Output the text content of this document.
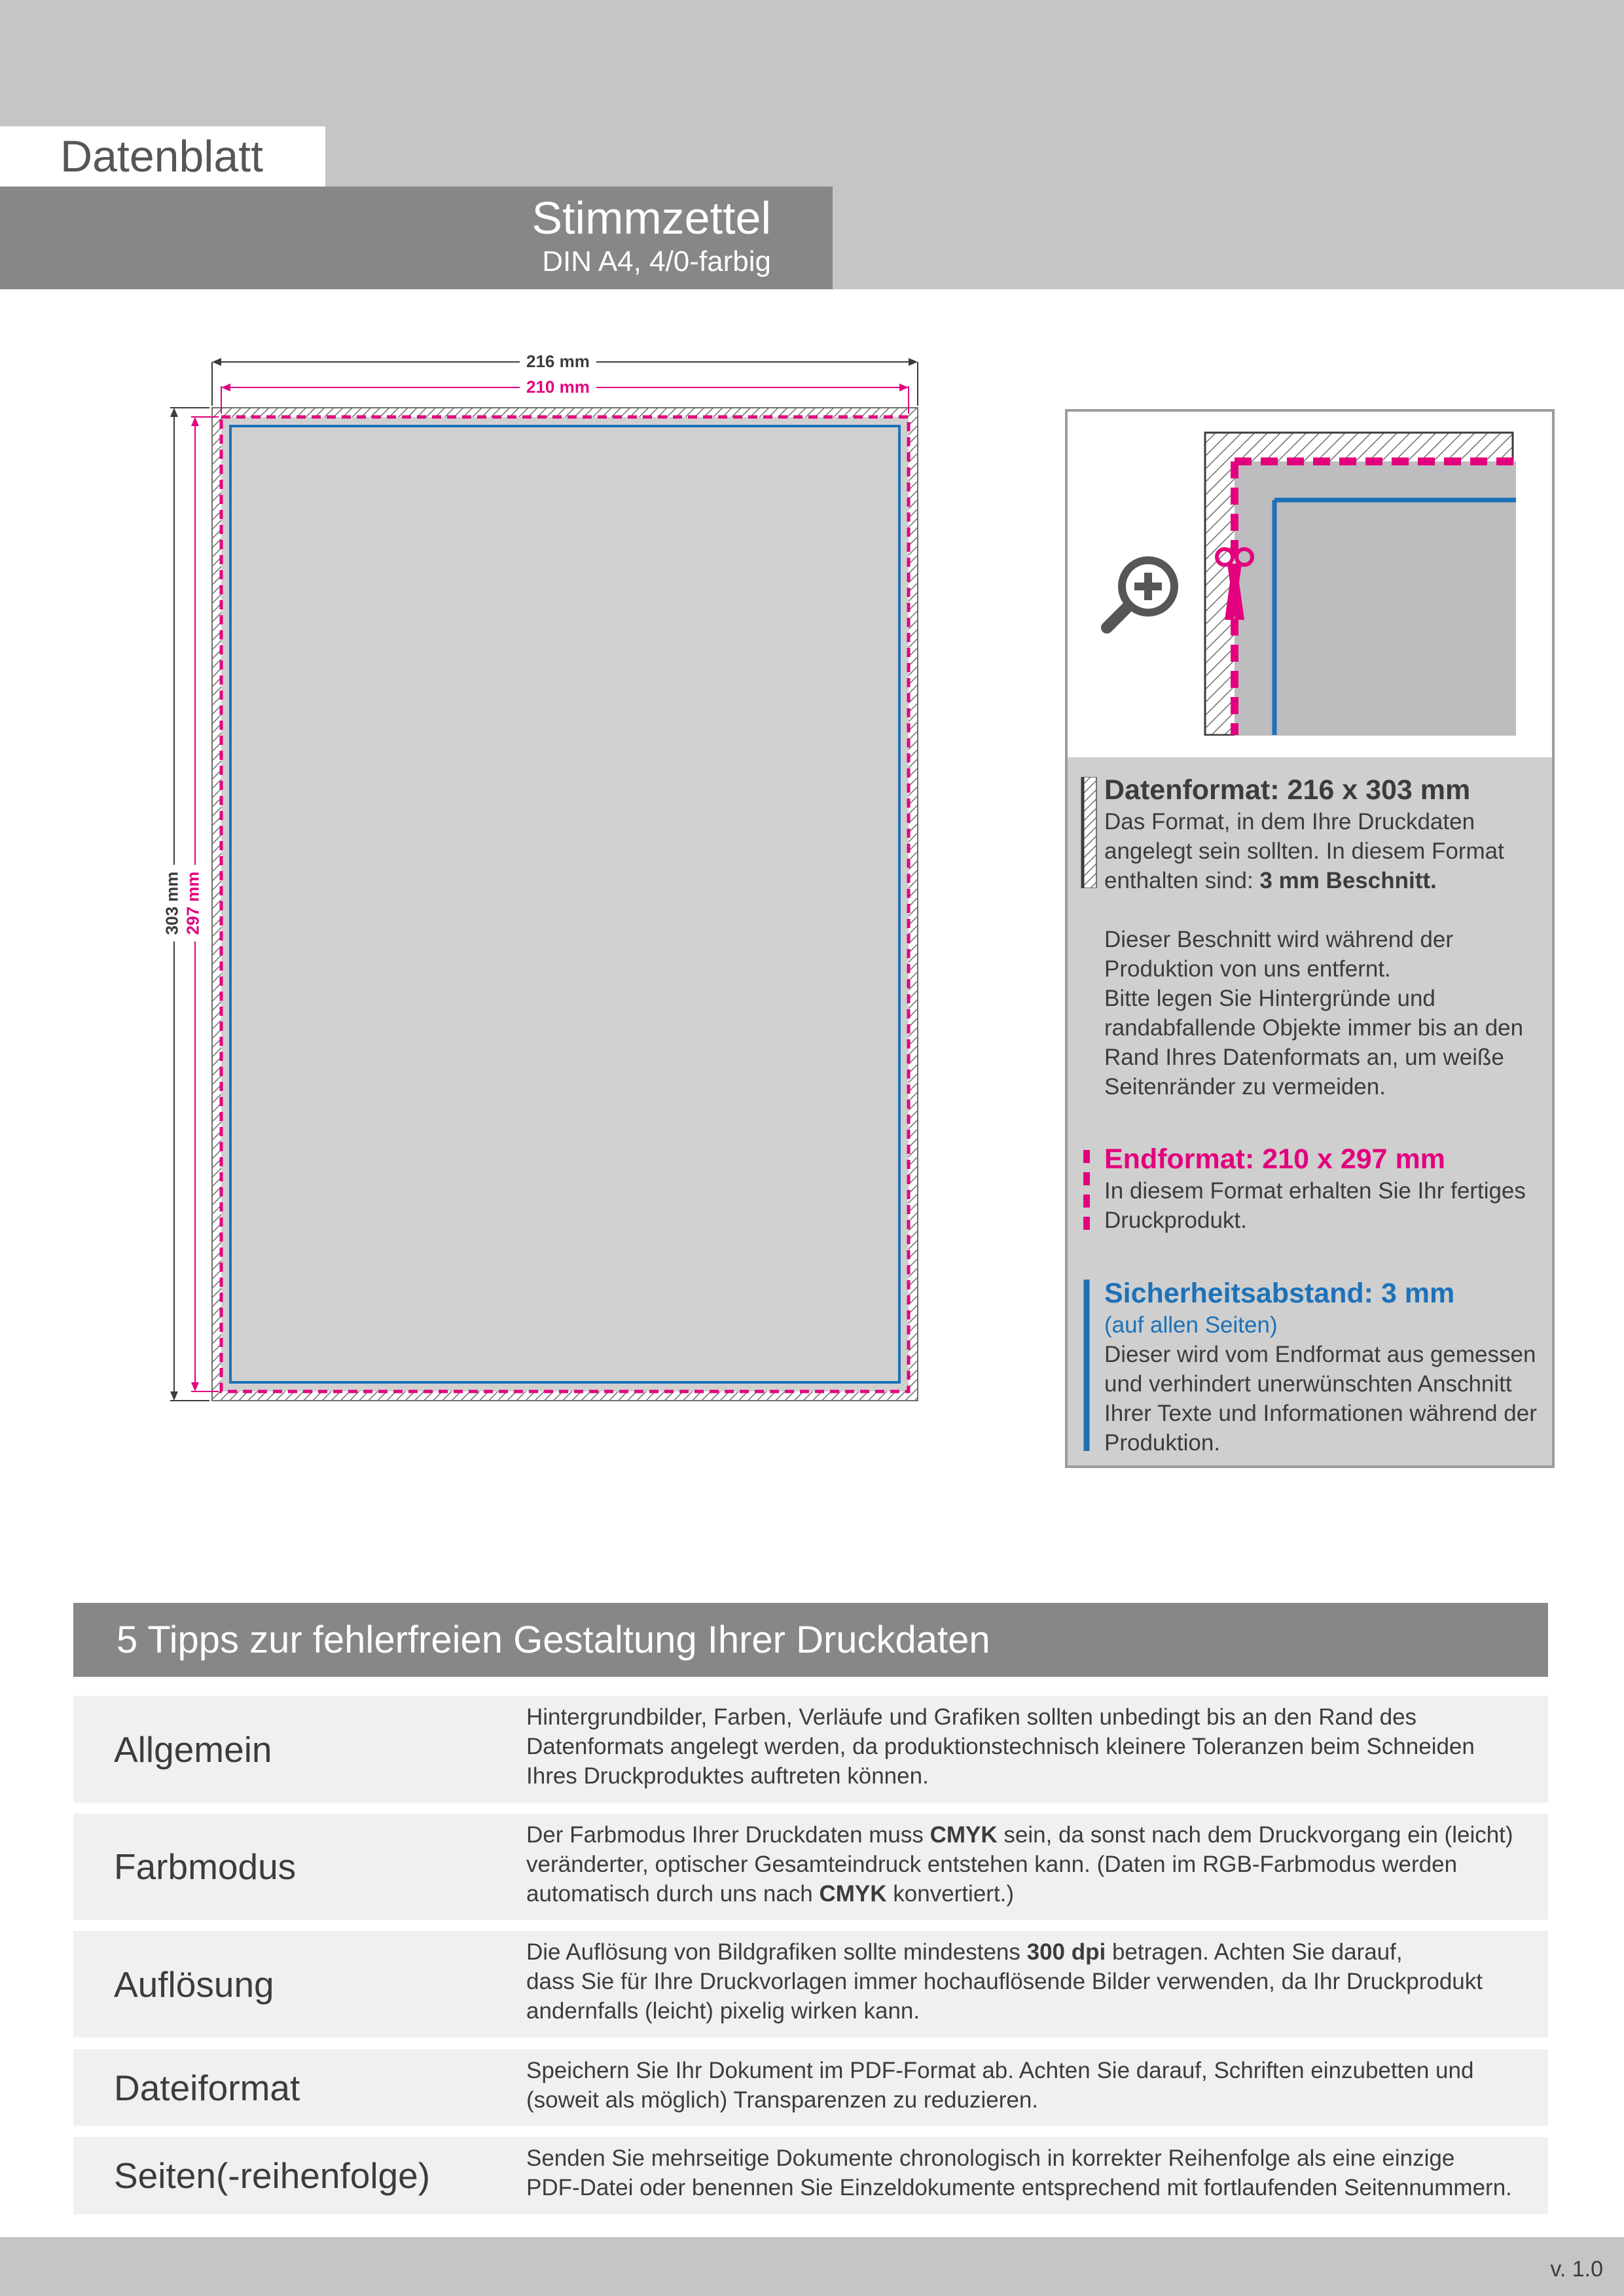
Datenblatt
Stimmzettel
DIN A4, 4/0-farbig
216 mm
210 mm
303 mm 297 mm
Datenformat: 216 x 303 mm
Das Format, in dem Ihre Druckdaten
angelegt sein sollten. In diesem Format
enthalten sind: 3 mm Beschnitt.
Dieser Beschnitt wird während der
Produktion von uns entfernt.
Bitte legen Sie Hintergründe und
randabfallende Objekte immer bis an den
Rand Ihres Datenformats an, um weiße
Seitenränder zu vermeiden.
Endformat: 210 x 297 mm
In diesem Format erhalten Sie Ihr fertiges
Druckprodukt.
Sicherheitsabstand: 3 mm
(auf allen Seiten)
Dieser wird vom Endformat aus gemessen
und verhindert unerwünschten Anschnitt
Ihrer Texte und Informationen während der
Produktion.
5 Tipps zur fehlerfreien Gestaltung Ihrer Druckdaten
Allgemein
Hintergrundbilder, Farben, Verläufe und Grafiken sollten unbedingt bis an den Rand des
Datenformats angelegt werden, da produktionstechnisch kleinere Toleranzen beim Schneiden
Ihres Druckproduktes auftreten können.
Farbmodus
Der Farbmodus Ihrer Druckdaten muss CMYK sein, da sonst nach dem Druckvorgang ein (leicht)
veränderter, optischer Gesamteindruck entstehen kann. (Daten im RGB-Farbmodus werden
automatisch durch uns nach CMYK konvertiert.)
Auflösung
Die Auflösung von Bildgrafiken sollte mindestens 300 dpi betragen. Achten Sie darauf,
dass Sie für Ihre Druckvorlagen immer hochauflösende Bilder verwenden, da Ihr Druckprodukt
andernfalls (leicht) pixelig wirken kann.
Dateiformat	Speichern Sie Ihr Dokument im PDF-Format ab. Achten Sie darauf, Schriften einzubetten und
(soweit als möglich) Transparenzen zu reduzieren.
Seiten(-reihenfolge)	Senden Sie mehrseitige Dokumente chronologisch in korrekter Reihenfolge als eine einzige
PDF-Datei oder benennen Sie Einzeldokumente entsprechend mit fortlaufenden Seitennummern.
v. 1.0
